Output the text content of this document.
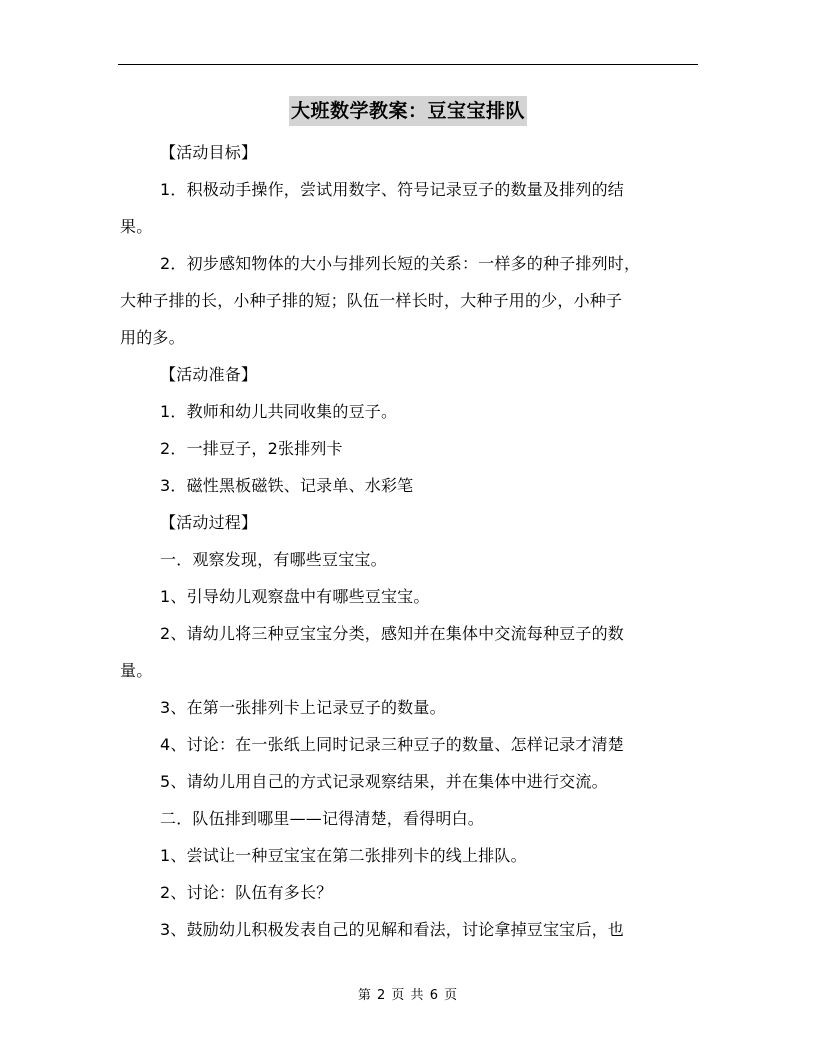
大班数学教案：豆宝宝排队
【活动目标】
1．积极动手操作，尝试用数字、符号记录豆子的数量及排列的结
果。
2．初步感知物体的大小与排列长短的关系：一样多的种子排列时，
大种子排的长，小种子排的短；队伍一样长时，大种子用的少，小种子
用的多。
【活动准备】
1．教师和幼儿共同收集的豆子。
2．一排豆子，2张排列卡
3．磁性黑板磁铁、记录单、水彩笔
【活动过程】
一．观察发现，有哪些豆宝宝。
1、引导幼儿观察盘中有哪些豆宝宝。
2、请幼儿将三种豆宝宝分类，感知并在集体中交流每种豆子的数
量。
3、在第一张排列卡上记录豆子的数量。
4、讨论：在一张纸上同时记录三种豆子的数量、怎样记录才清楚
5、请幼儿用自己的方式记录观察结果，并在集体中进行交流。
二．队伍排到哪里——记得清楚，看得明白。
1、尝试让一种豆宝宝在第二张排列卡的线上排队。
2、讨论：队伍有多长？
3、鼓励幼儿积极发表自己的见解和看法，讨论拿掉豆宝宝后，也
第 2 页 共 6 页
